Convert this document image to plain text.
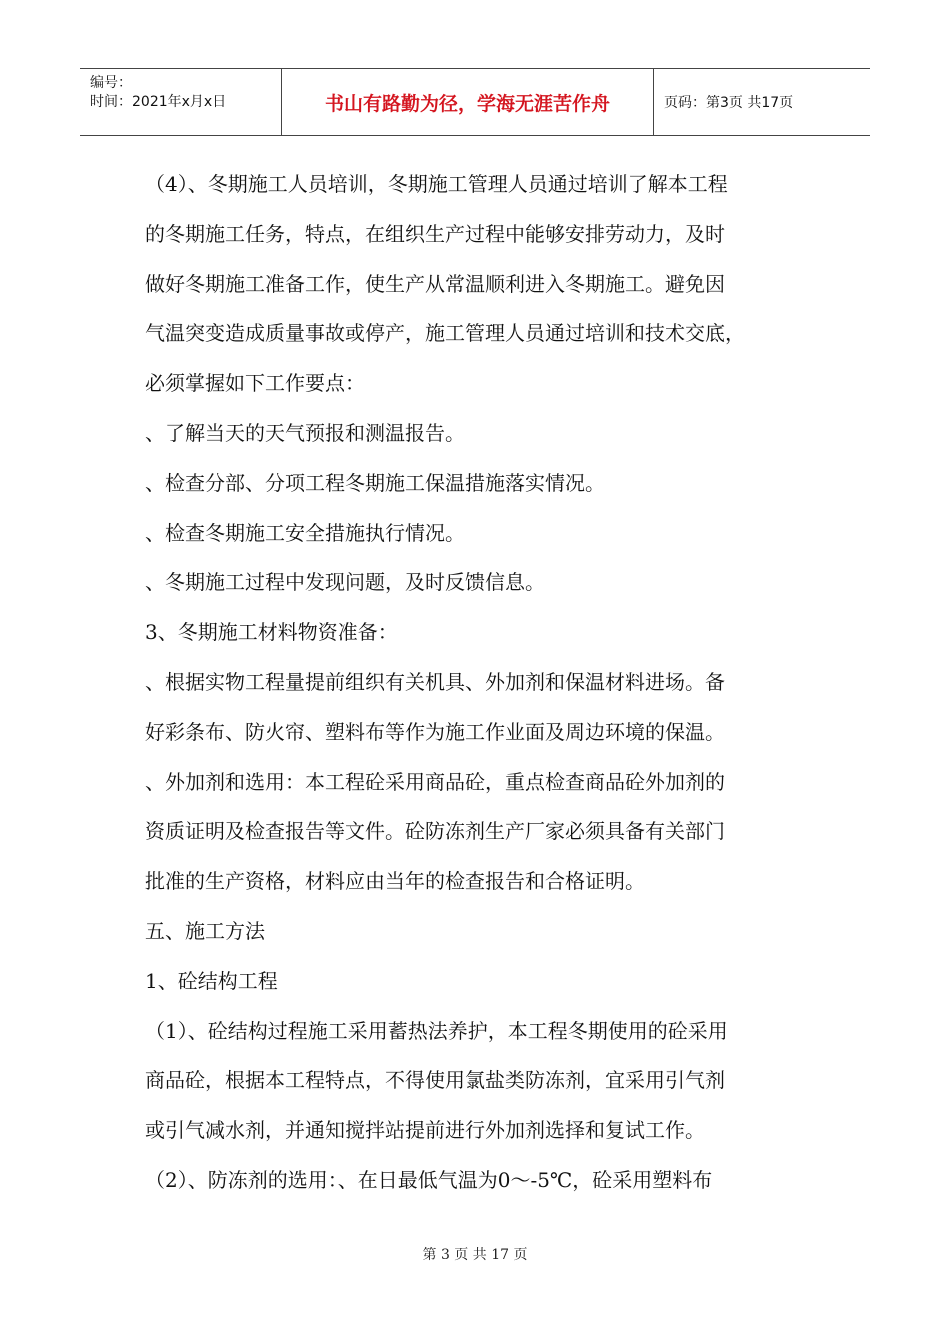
编号：
时间：2021年x月x日	书山有路勤为径，学海无涯苦作舟	页码：第3页 共17页
（4）、冬期施工人员培训，冬期施工管理人员通过培训了解本工程
的冬期施工任务，特点，在组织生产过程中能够安排劳动力，及时
做好冬期施工准备工作，使生产从常温顺利进入冬期施工。避免因
气温突变造成质量事故或停产，施工管理人员通过培训和技术交底，
必须掌握如下工作要点：
、了解当天的天气预报和测温报告。
、检查分部、分项工程冬期施工保温措施落实情况。
、检查冬期施工安全措施执行情况。
、冬期施工过程中发现问题，及时反馈信息。
3、冬期施工材料物资准备：
、根据实物工程量提前组织有关机具、外加剂和保温材料进场。备
好彩条布、防火帘、塑料布等作为施工作业面及周边环境的保温。
、外加剂和选用：本工程砼采用商品砼，重点检查商品砼外加剂的
资质证明及检查报告等文件。砼防冻剂生产厂家必须具备有关部门
批准的生产资格，材料应由当年的检查报告和合格证明。
五、施工方法
1、砼结构工程
（1）、砼结构过程施工采用蓄热法养护，本工程冬期使用的砼采用
商品砼，根据本工程特点，不得使用氯盐类防冻剂，宜采用引气剂
或引气减水剂，并通知搅拌站提前进行外加剂选择和复试工作。
（2）、防冻剂的选用：、在日最低气温为0～-5℃，砼采用塑料布
第 3 页 共 17 页
